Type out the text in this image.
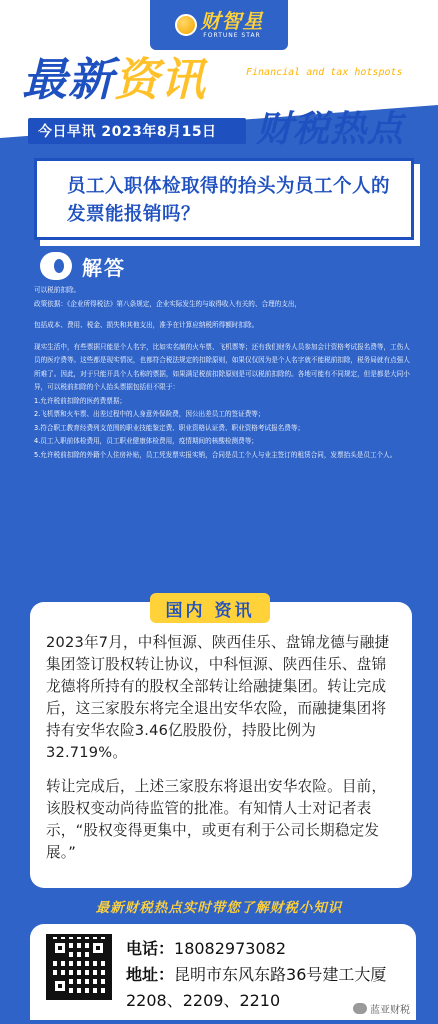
财智星
FORTUNE STAR
最新资讯	Financial and tax hotspots
今日早讯 2023年8月15日	财税热点
员工入职体检取得的抬头为员工个人的发票能报销吗？
解答

可以税前扣除。

政策依据：《企业所得税法》第八条规定，企业实际发生的与取得收入有关的、合理的支出，

包括成本、费用、税金、损失和其他支出，准予在计算应纳税所得额时扣除。

现实生活中，有些票据只能是个人名字，比如实名制的火车票、飞机票等；还有我们财务人员参加会计资格考试报名费等，工伤人员的医疗费等。这些都是现实情况，也都符合税法规定的扣除原则，如果仅仅因为是个人名字就不能税前扣除，税务局就有点强人所难了。因此，对于只能开具个人名称的票据，如果满足税前扣除原则是可以税前扣除的。各地可能有不同规定，但是都是大同小异，可以税前扣除的个人抬头票据包括但不限于：

1.允许税前扣除的医药费票据；

2.飞机票和火车票、出差过程中的人身意外保险费，因公出差员工的签证费等；

3.符合职工教育经费列支范围的职业技能鉴定费、职业资格认证费、职业资格考试报名费等；

4.员工入职前体检费用，员工职业健康体检费用，疫情期间的核酸检测费等；

5.允许税前扣除的外籍个人住房补贴，员工凭发票实报实销，合同是员工个人与业主签订的租赁合同，发票抬头是员工个人。

2023年7月，中科恒源、陕西佳乐、盘锦龙德与融捷集团签订股权转让协议，中科恒源、陕西佳乐、盘锦龙德将所持有的股权全部转让给融捷集团。转让完成后，这三家股东将完全退出安华农险，而融捷集团将持有安华农险3.46亿股股份，持股比例为32.719%。

转让完成后，上述三家股东将退出安华农险。目前，该股权变动尚待监管的批准。有知情人士对记者表示，“股权变得更集中，或更有利于公司长期稳定发展。”

国内 资讯
最新财税热点实时带您了解财税小知识
电话：18082973082
地址：昆明市东风东路36号建工大厦2208、2209、2210
蓝亚财税
